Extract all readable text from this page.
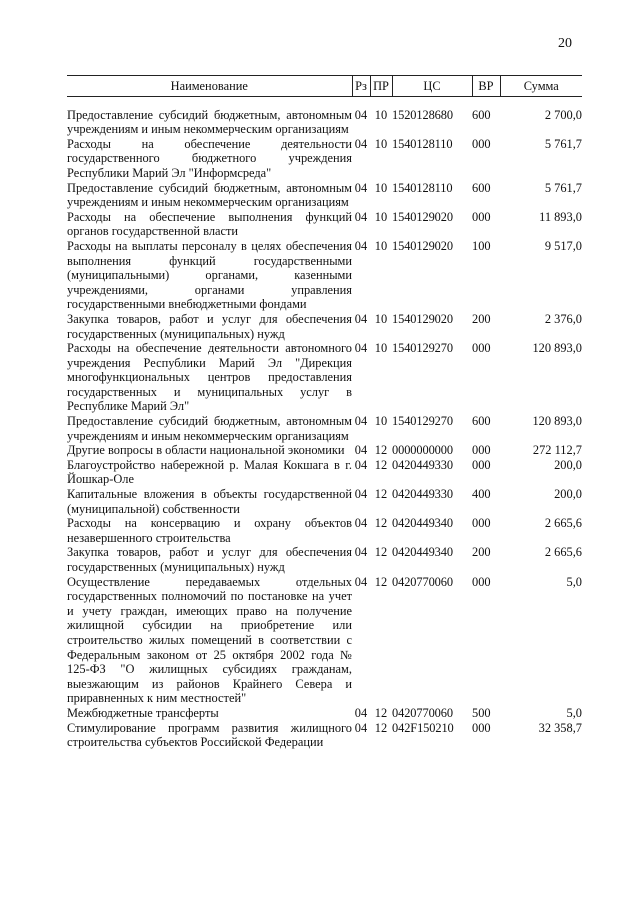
20
Наименование	Рз	ПР	ЦС	ВР	Сумма
Предоставление субсидий бюджетным, автономным учреждениям и иным некоммерческим организациям	04	10	1520128680	600	2 700,0
Расходы на обеспечение деятельности государственного бюджетного учреждения Республики Марий Эл "Информсреда"	04	10	1540128110	000	5 761,7
Предоставление субсидий бюджетным, автономным учреждениям и иным некоммерческим организациям	04	10	1540128110	600	5 761,7
Расходы на обеспечение выполнения функций органов государственной власти	04	10	1540129020	000	11 893,0
Расходы на выплаты персоналу в целях обеспечения выполнения функций государственными (муниципальными) органами, казенными учреждениями, органами управления государственными внебюджетными фондами	04	10	1540129020	100	9 517,0
Закупка товаров, работ и услуг для обеспечения государственных (муниципальных) нужд	04	10	1540129020	200	2 376,0
Расходы на обеспечение деятельности автономного учреждения Республики Марий Эл "Дирекция многофункциональных центров предоставления государственных и муниципальных услуг в Республике Марий Эл"	04	10	1540129270	000	120 893,0
Предоставление субсидий бюджетным, автономным учреждениям и иным некоммерческим организациям	04	10	1540129270	600	120 893,0
Другие вопросы в области национальной экономики	04	12	0000000000	000	272 112,7
Благоустройство набережной р. Малая Кокшага в г. Йошкар-Оле	04	12	0420449330	000	200,0
Капитальные вложения в объекты государственной (муниципальной) собственности	04	12	0420449330	400	200,0
Расходы на консервацию и охрану объектов незавершенного строительства	04	12	0420449340	000	2 665,6
Закупка товаров, работ и услуг для обеспечения государственных (муниципальных) нужд	04	12	0420449340	200	2 665,6
Осуществление передаваемых отдельных государственных полномочий по постановке на учет и учету граждан, имеющих право на получение жилищной субсидии на приобретение или строительство жилых помещений в соответствии с Федеральным законом от 25 октября 2002 года № 125-ФЗ "О жилищных субсидиях гражданам, выезжающим из районов Крайнего Севера и приравненных к ним местностей"	04	12	0420770060	000	5,0
Межбюджетные трансферты	04	12	0420770060	500	5,0
Стимулирование программ развития жилищного строительства субъектов Российской Федерации	04	12	042F150210	000	32 358,7
